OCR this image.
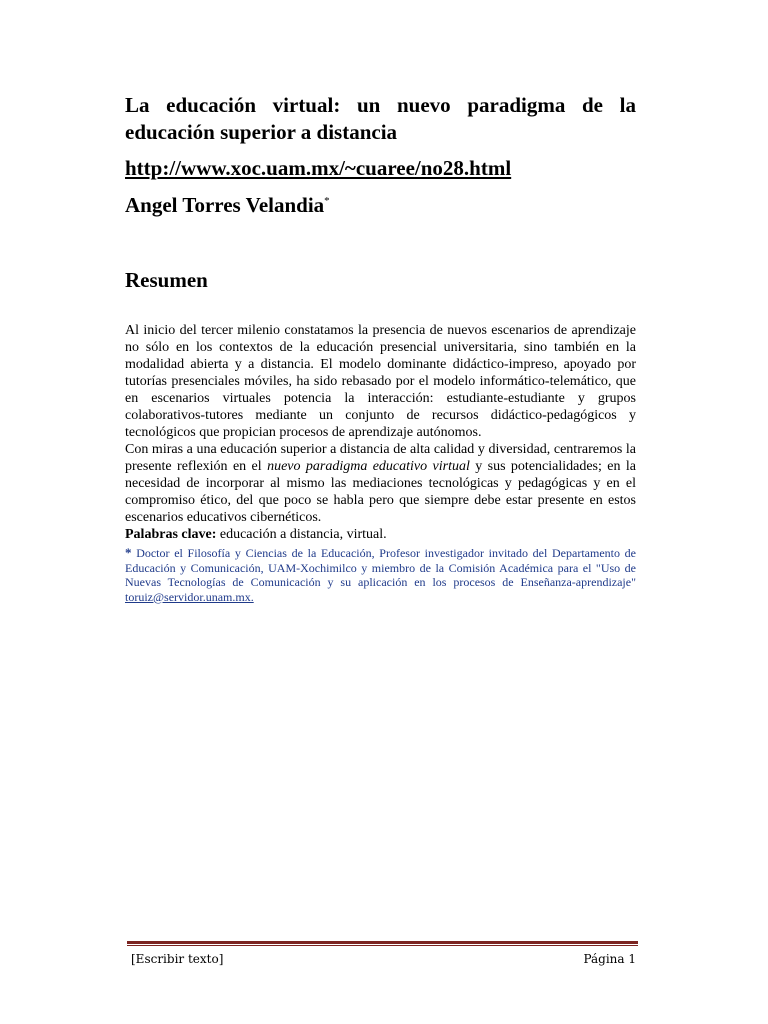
La educación virtual: un nuevo paradigma de la educación superior a distancia
http://www.xoc.uam.mx/~cuaree/no28.html
Angel Torres Velandia*
Resumen

Al inicio del tercer milenio constatamos la presencia de nuevos escenarios de aprendizaje no sólo en los contextos de la educación presencial universitaria, sino también en la modalidad abierta y a distancia. El modelo dominante didáctico-impreso, apoyado por tutorías presenciales móviles, ha sido rebasado por el modelo informático-telemático, que en escenarios virtuales potencia la interacción: estudiante-estudiante y grupos colaborativos-tutores mediante un conjunto de recursos didáctico-pedagógicos y tecnológicos que propician procesos de aprendizaje autónomos.

Con miras a una educación superior a distancia de alta calidad y diversidad, centraremos la presente reflexión en el nuevo paradigma educativo virtual y sus potencialidades; en la necesidad de incorporar al mismo las mediaciones tecnológicas y pedagógicas y en el compromiso ético, del que poco se habla pero que siempre debe estar presente en estos escenarios educativos cibernéticos.

Palabras clave: educación a distancia, virtual.

* Doctor el Filosofía y Ciencias de la Educación, Profesor investigador invitado del Departamento de Educación y Comunicación, UAM-Xochimilco y miembro de la Comisión Académica para el "Uso de Nuevas Tecnologías de Comunicación y su aplicación en los procesos de Enseñanza-aprendizaje" toruiz@servidor.unam.mx.
[Escribir texto]	Página 1
